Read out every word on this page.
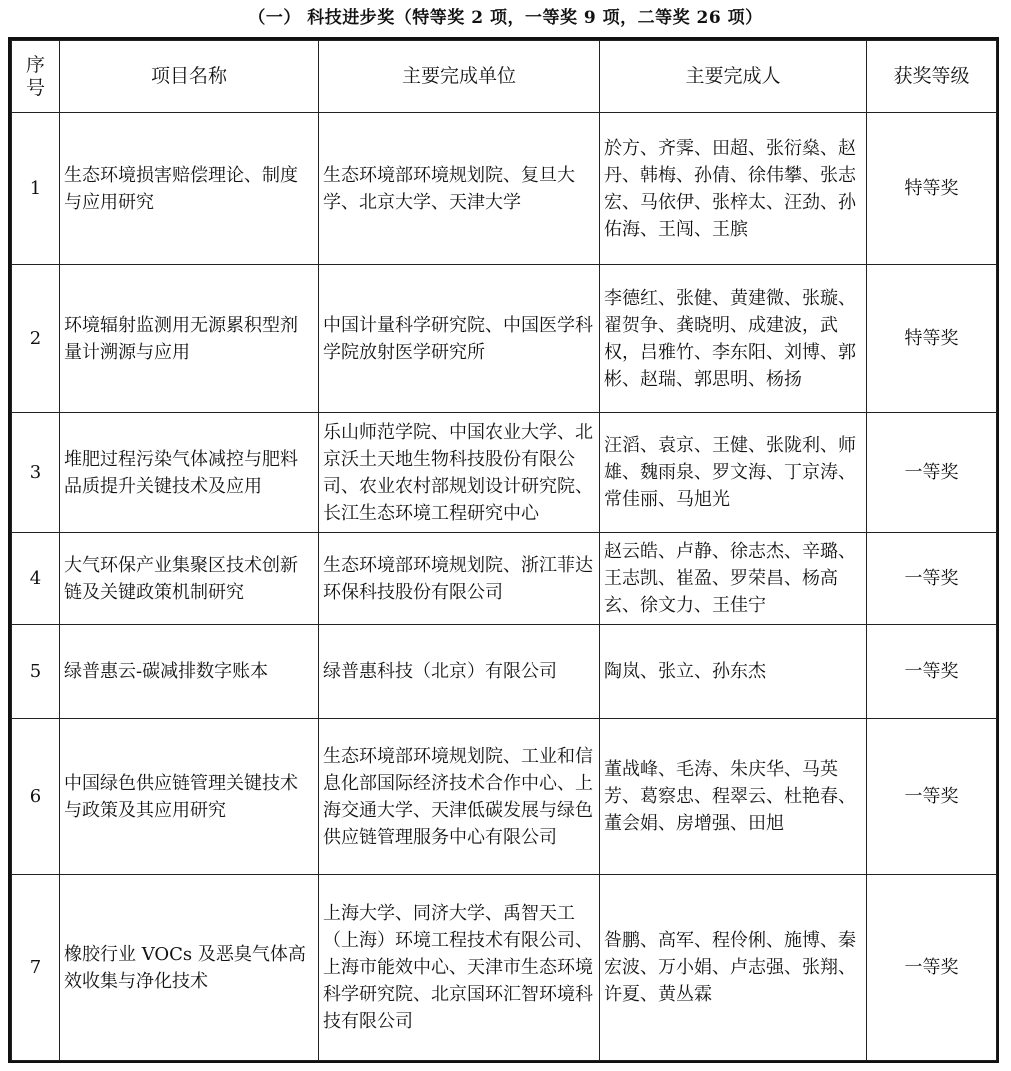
（一） 科技进步奖（特等奖 2 项，一等奖 9 项，二等奖 26 项）
序
号	项目名称	主要完成单位	主要完成人	获奖等级
1	生态环境损害赔偿理论、制度与应用研究	生态环境部环境规划院、复旦大学、北京大学、天津大学	於方、齐霁、田超、张衍燊、赵丹、韩梅、孙倩、徐伟攀、张志宏、马依伊、张梓太、汪劲、孙佑海、王闯、王膑	特等奖
2	环境辐射监测用无源累积型剂量计溯源与应用	中国计量科学研究院、中国医学科学院放射医学研究所	李德红、张健、黄建微、张璇、翟贺争、龚晓明、成建波，武权，吕雅竹、李东阳、刘博、郭彬、赵瑞、郭思明、杨扬	特等奖
3	堆肥过程污染气体减控与肥料 品质提升关键技术及应用	乐山师范学院、中国农业大学、北京沃土天地生物科技股份有限公司、农业农村部规划设计研究院、长江生态环境工程研究中心	汪滔、袁京、王健、张陇利、师雄、魏雨泉、罗文海、丁京涛、常佳丽、马旭光	一等奖
4	大气环保产业集聚区技术创新链及关键政策机制研究	生态环境部环境规划院、浙江菲达环保科技股份有限公司	赵云皓、卢静、徐志杰、辛璐、王志凯、崔盈、罗荣昌、杨高玄、徐文力、王佳宁	一等奖
5	绿普惠云-碳减排数字账本	绿普惠科技（北京）有限公司	陶岚、张立、孙东杰	一等奖
6	中国绿色供应链管理关键技术与政策及其应用研究	生态环境部环境规划院、工业和信息化部国际经济技术合作中心、上海交通大学、天津低碳发展与绿色供应链管理服务中心有限公司	董战峰、毛涛、朱庆华、马英芳、葛察忠、程翠云、杜艳春、董会娟、房增强、田旭	一等奖
7	橡胶行业 VOCs 及恶臭气体高效收集与净化技术	上海大学、同济大学、禹智天工（上海）环境工程技术有限公司、上海市能效中心、天津市生态环境科学研究院、北京国环汇智环境科技有限公司	昝鹏、高军、程伶俐、施博、秦宏波、万小娟、卢志强、张翔、许夏、黄丛霖	一等奖
